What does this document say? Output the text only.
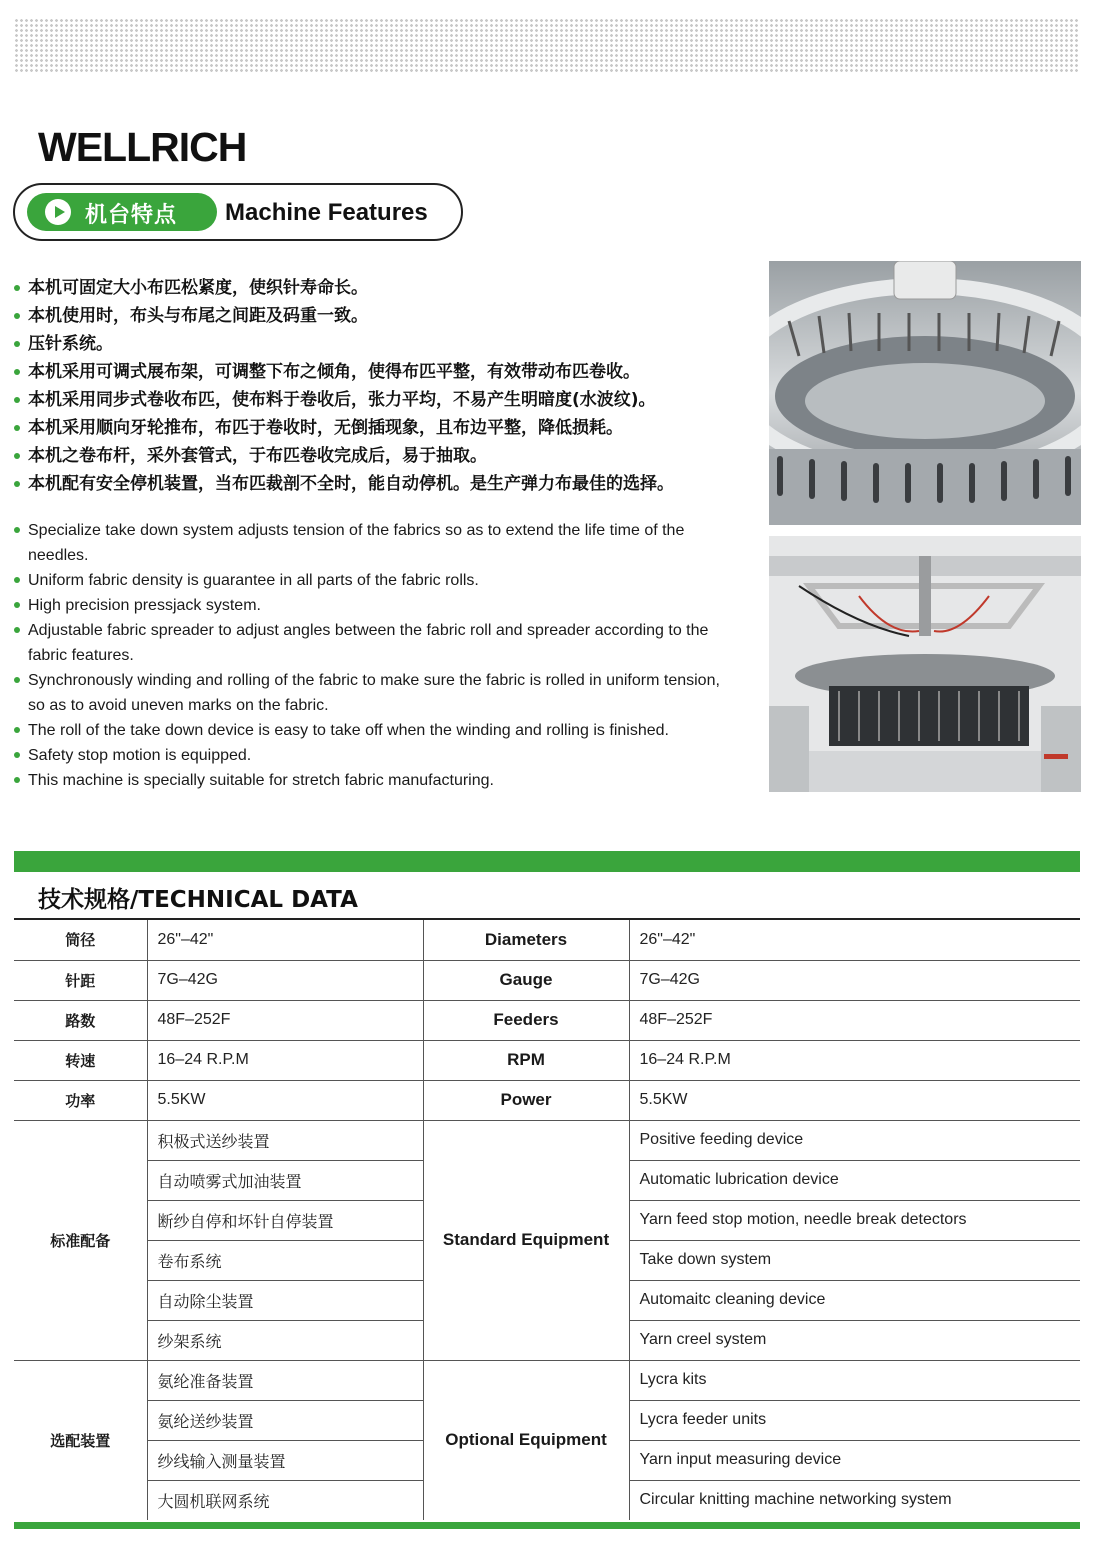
WELLRICH
机台特点 Machine Features
本机可固定大小布匹松紧度，使织针寿命长。
本机使用时，布头与布尾之间距及码重一致。
压针系统。
本机采用可调式展布架，可调整下布之倾角，使得布匹平整，有效带动布匹卷收。
本机采用同步式卷收布匹，使布料于卷收后，张力平均，不易产生明暗度(水波纹)。
本机采用顺向牙轮推布，布匹于卷收时，无倒插现象，且布边平整，降低损耗。
本机之卷布杆，采外套管式，于布匹卷收完成后，易于抽取。
本机配有安全停机装置，当布匹裁剖不全时，能自动停机。是生产弹力布最佳的选择。
Specialize take down system adjusts tension of the fabrics so as to extend the life time of the needles.
Uniform fabric density is guarantee in all parts of the fabric rolls.
High precision pressjack system.
Adjustable fabric spreader to adjust angles between the fabric roll and spreader according to the fabric features.
Synchronously winding and rolling of the fabric to make sure the fabric is rolled in uniform tension, so as to avoid uneven marks on the fabric.
The roll of the take down device is easy to take off when the winding and rolling is finished.
Safety stop motion is equipped.
This machine is specially suitable for stretch fabric manufacturing.
技术规格/TECHNICAL DATA
筒径	26"–42"	Diameters	26"–42"
针距	7G–42G	Gauge	7G–42G
路数	48F–252F	Feeders	48F–252F
转速	16–24 R.P.M	RPM	16–24 R.P.M
功率	5.5KW	Power	5.5KW
标准配备	积极式送纱装置	Standard Equipment	Positive feeding device
	自动喷雾式加油装置		Automatic lubrication device
	断纱自停和坏针自停装置		Yarn feed stop motion, needle break detectors
	卷布系统		Take down system
	自动除尘装置		Automaitc cleaning device
	纱架系统		Yarn creel system
选配装置	氨纶准备装置	Optional Equipment	Lycra kits
	氨纶送纱装置		Lycra feeder units
	纱线输入测量装置		Yarn input measuring device
	大圆机联网系统		Circular knitting machine networking system
